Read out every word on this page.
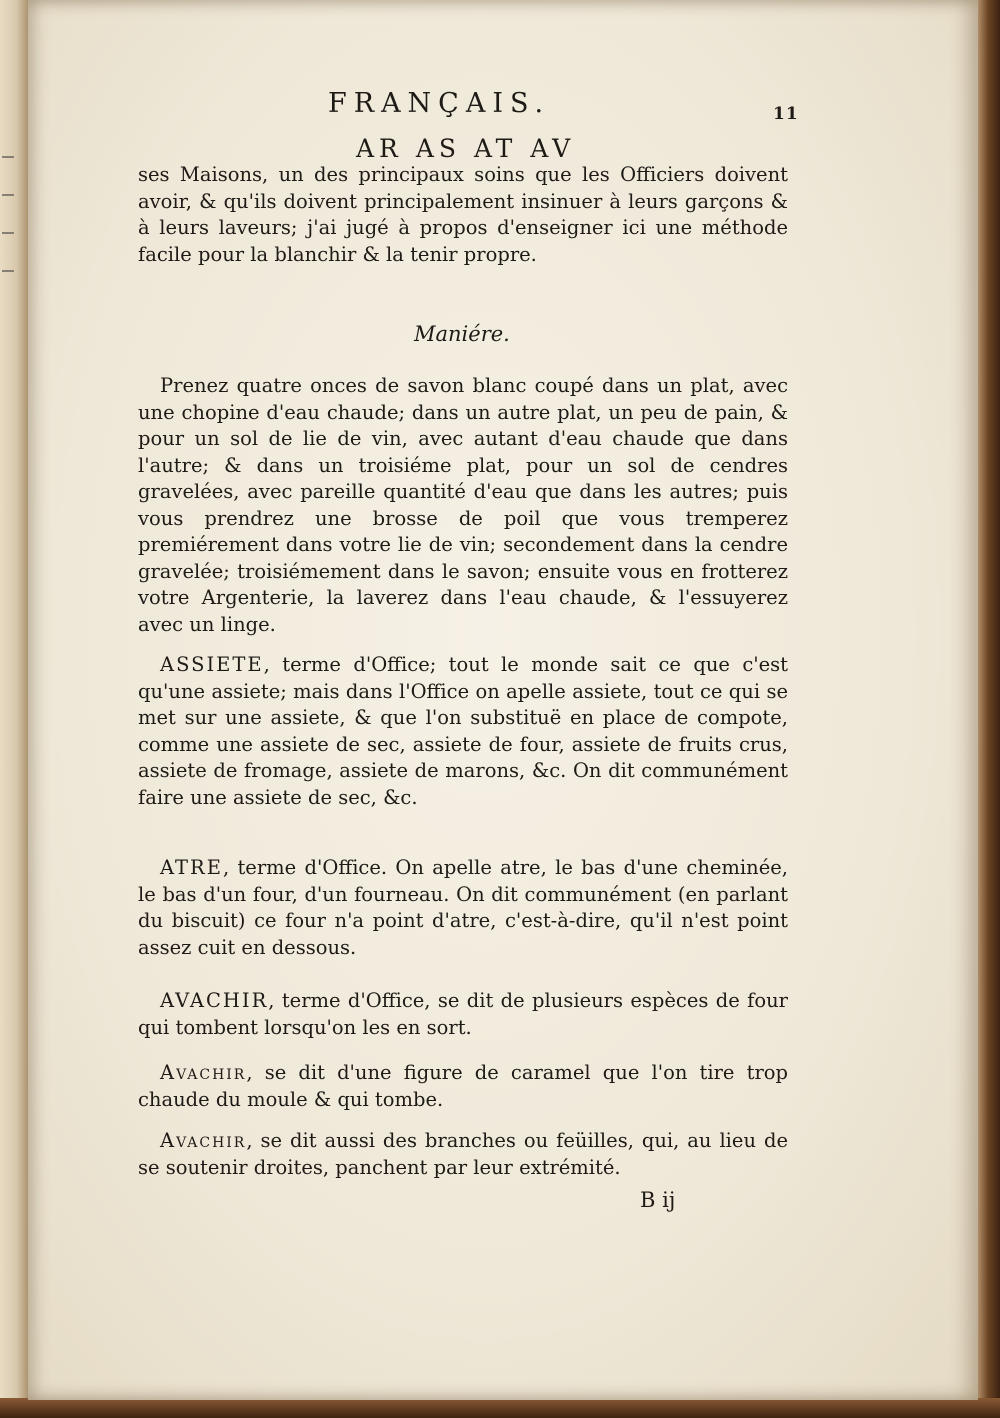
FRANÇAIS.	11
AR AS AT AV

ses Maisons, un des principaux soins que les Officiers doivent avoir, & qu'ils doivent principalement insinuer à leurs garçons & à leurs laveurs; j'ai jugé à propos d'enseigner ici une méthode facile pour la blanchir & la tenir propre.

Maniére.

Prenez quatre onces de savon blanc coupé dans un plat, avec une chopine d'eau chaude; dans un autre plat, un peu de pain, & pour un sol de lie de vin, avec autant d'eau chaude que dans l'autre; & dans un troisiéme plat, pour un sol de cendres gravelées, avec pareille quantité d'eau que dans les autres; puis vous prendrez une brosse de poil que vous tremperez premiérement dans votre lie de vin; secondement dans la cendre gravelée; troisiémement dans le savon; ensuite vous en frotterez votre Argenterie, la laverez dans l'eau chaude, & l'essuyerez avec un linge.

ASSIETE, terme d'Office; tout le monde sait ce que c'est qu'une assiete; mais dans l'Office on apelle assiete, tout ce qui se met sur une assiete, & que l'on substituë en place de compote, comme une assiete de sec, assiete de four, assiete de fruits crus, assiete de fromage, assiete de marons, &c. On dit communément faire une assiete de sec, &c.

ATRE, terme d'Office. On apelle atre, le bas d'une cheminée, le bas d'un four, d'un fourneau. On dit communément (en parlant du biscuit) ce four n'a point d'atre, c'est-à-dire, qu'il n'est point assez cuit en dessous.

AVACHIR, terme d'Office, se dit de plusieurs espèces de four qui tombent lorsqu'on les en sort.

Avachir, se dit d'une figure de caramel que l'on tire trop chaude du moule & qui tombe.

Avachir, se dit aussi des branches ou feüilles, qui, au lieu de se soutenir droites, panchent par leur extrémité.

B ij
